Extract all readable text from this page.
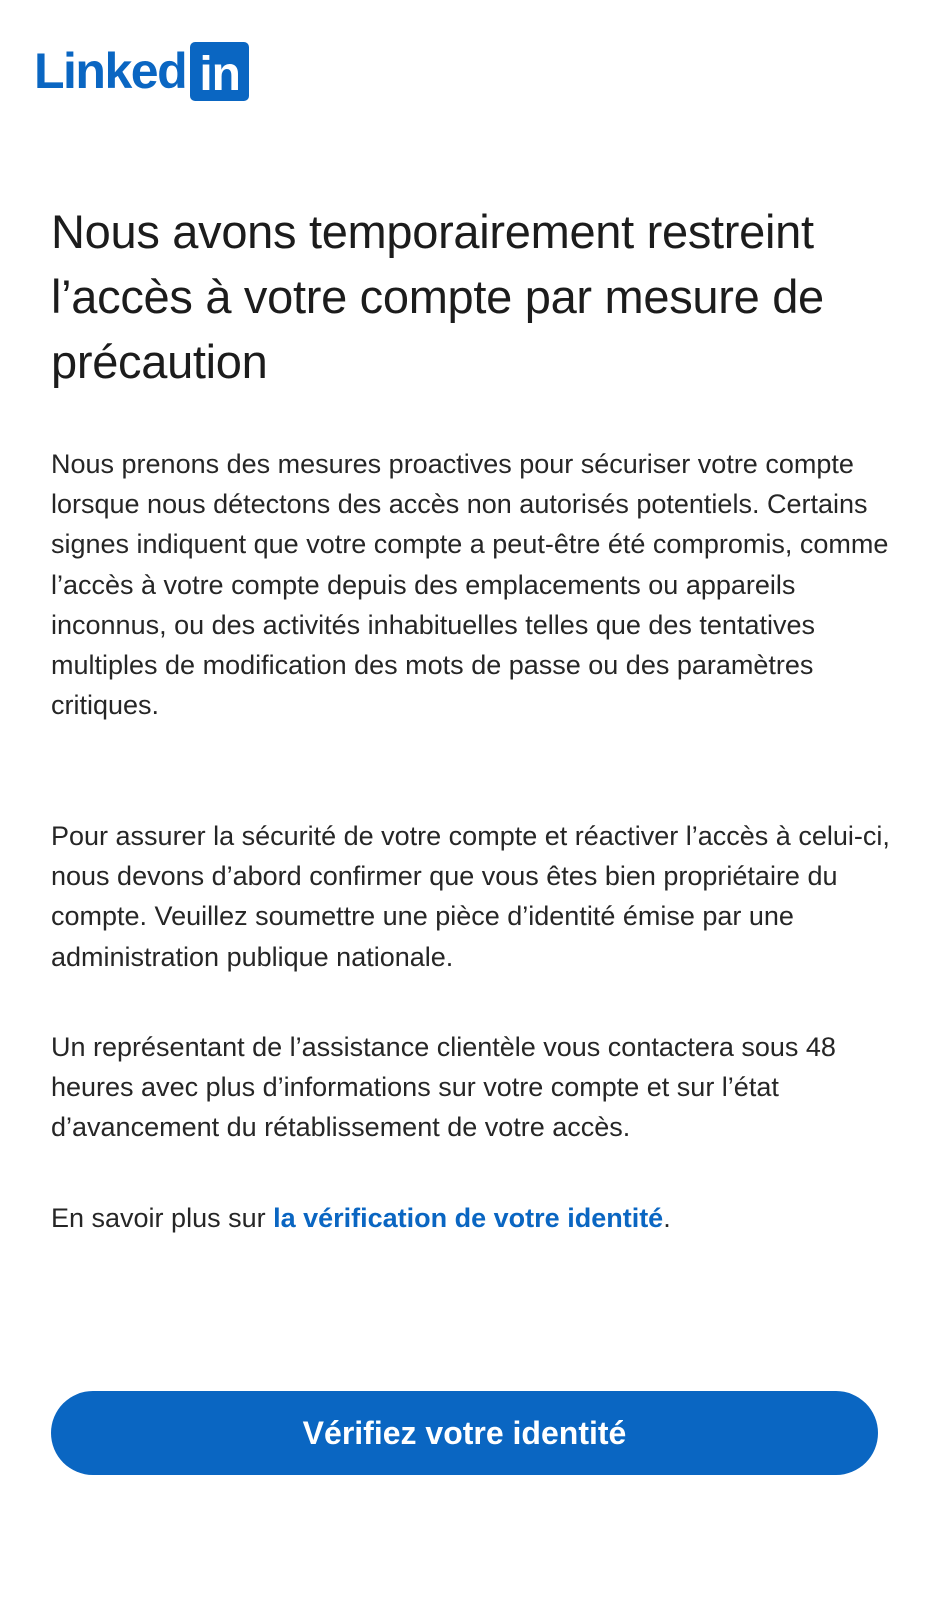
Linked in
Nous avons temporairement restreint l’accès à votre compte par mesure de précaution

Nous prenons des mesures proactives pour sécuriser votre compte lorsque nous détectons des accès non autorisés potentiels. Certains signes indiquent que votre compte a peut-être été compromis, comme l’accès à votre compte depuis des emplacements ou appareils inconnus, ou des activités inhabituelles telles que des tentatives multiples de modification des mots de passe ou des paramètres critiques.

Pour assurer la sécurité de votre compte et réactiver l’accès à celui-ci, nous devons d’abord confirmer que vous êtes bien propriétaire du compte. Veuillez soumettre une pièce d’identité émise par une administration publique nationale.

Un représentant de l’assistance clientèle vous contactera sous 48 heures avec plus d’informations sur votre compte et sur l’état d’avancement du rétablissement de votre accès.

En savoir plus sur la vérification de votre identité.

Vérifiez votre identité
